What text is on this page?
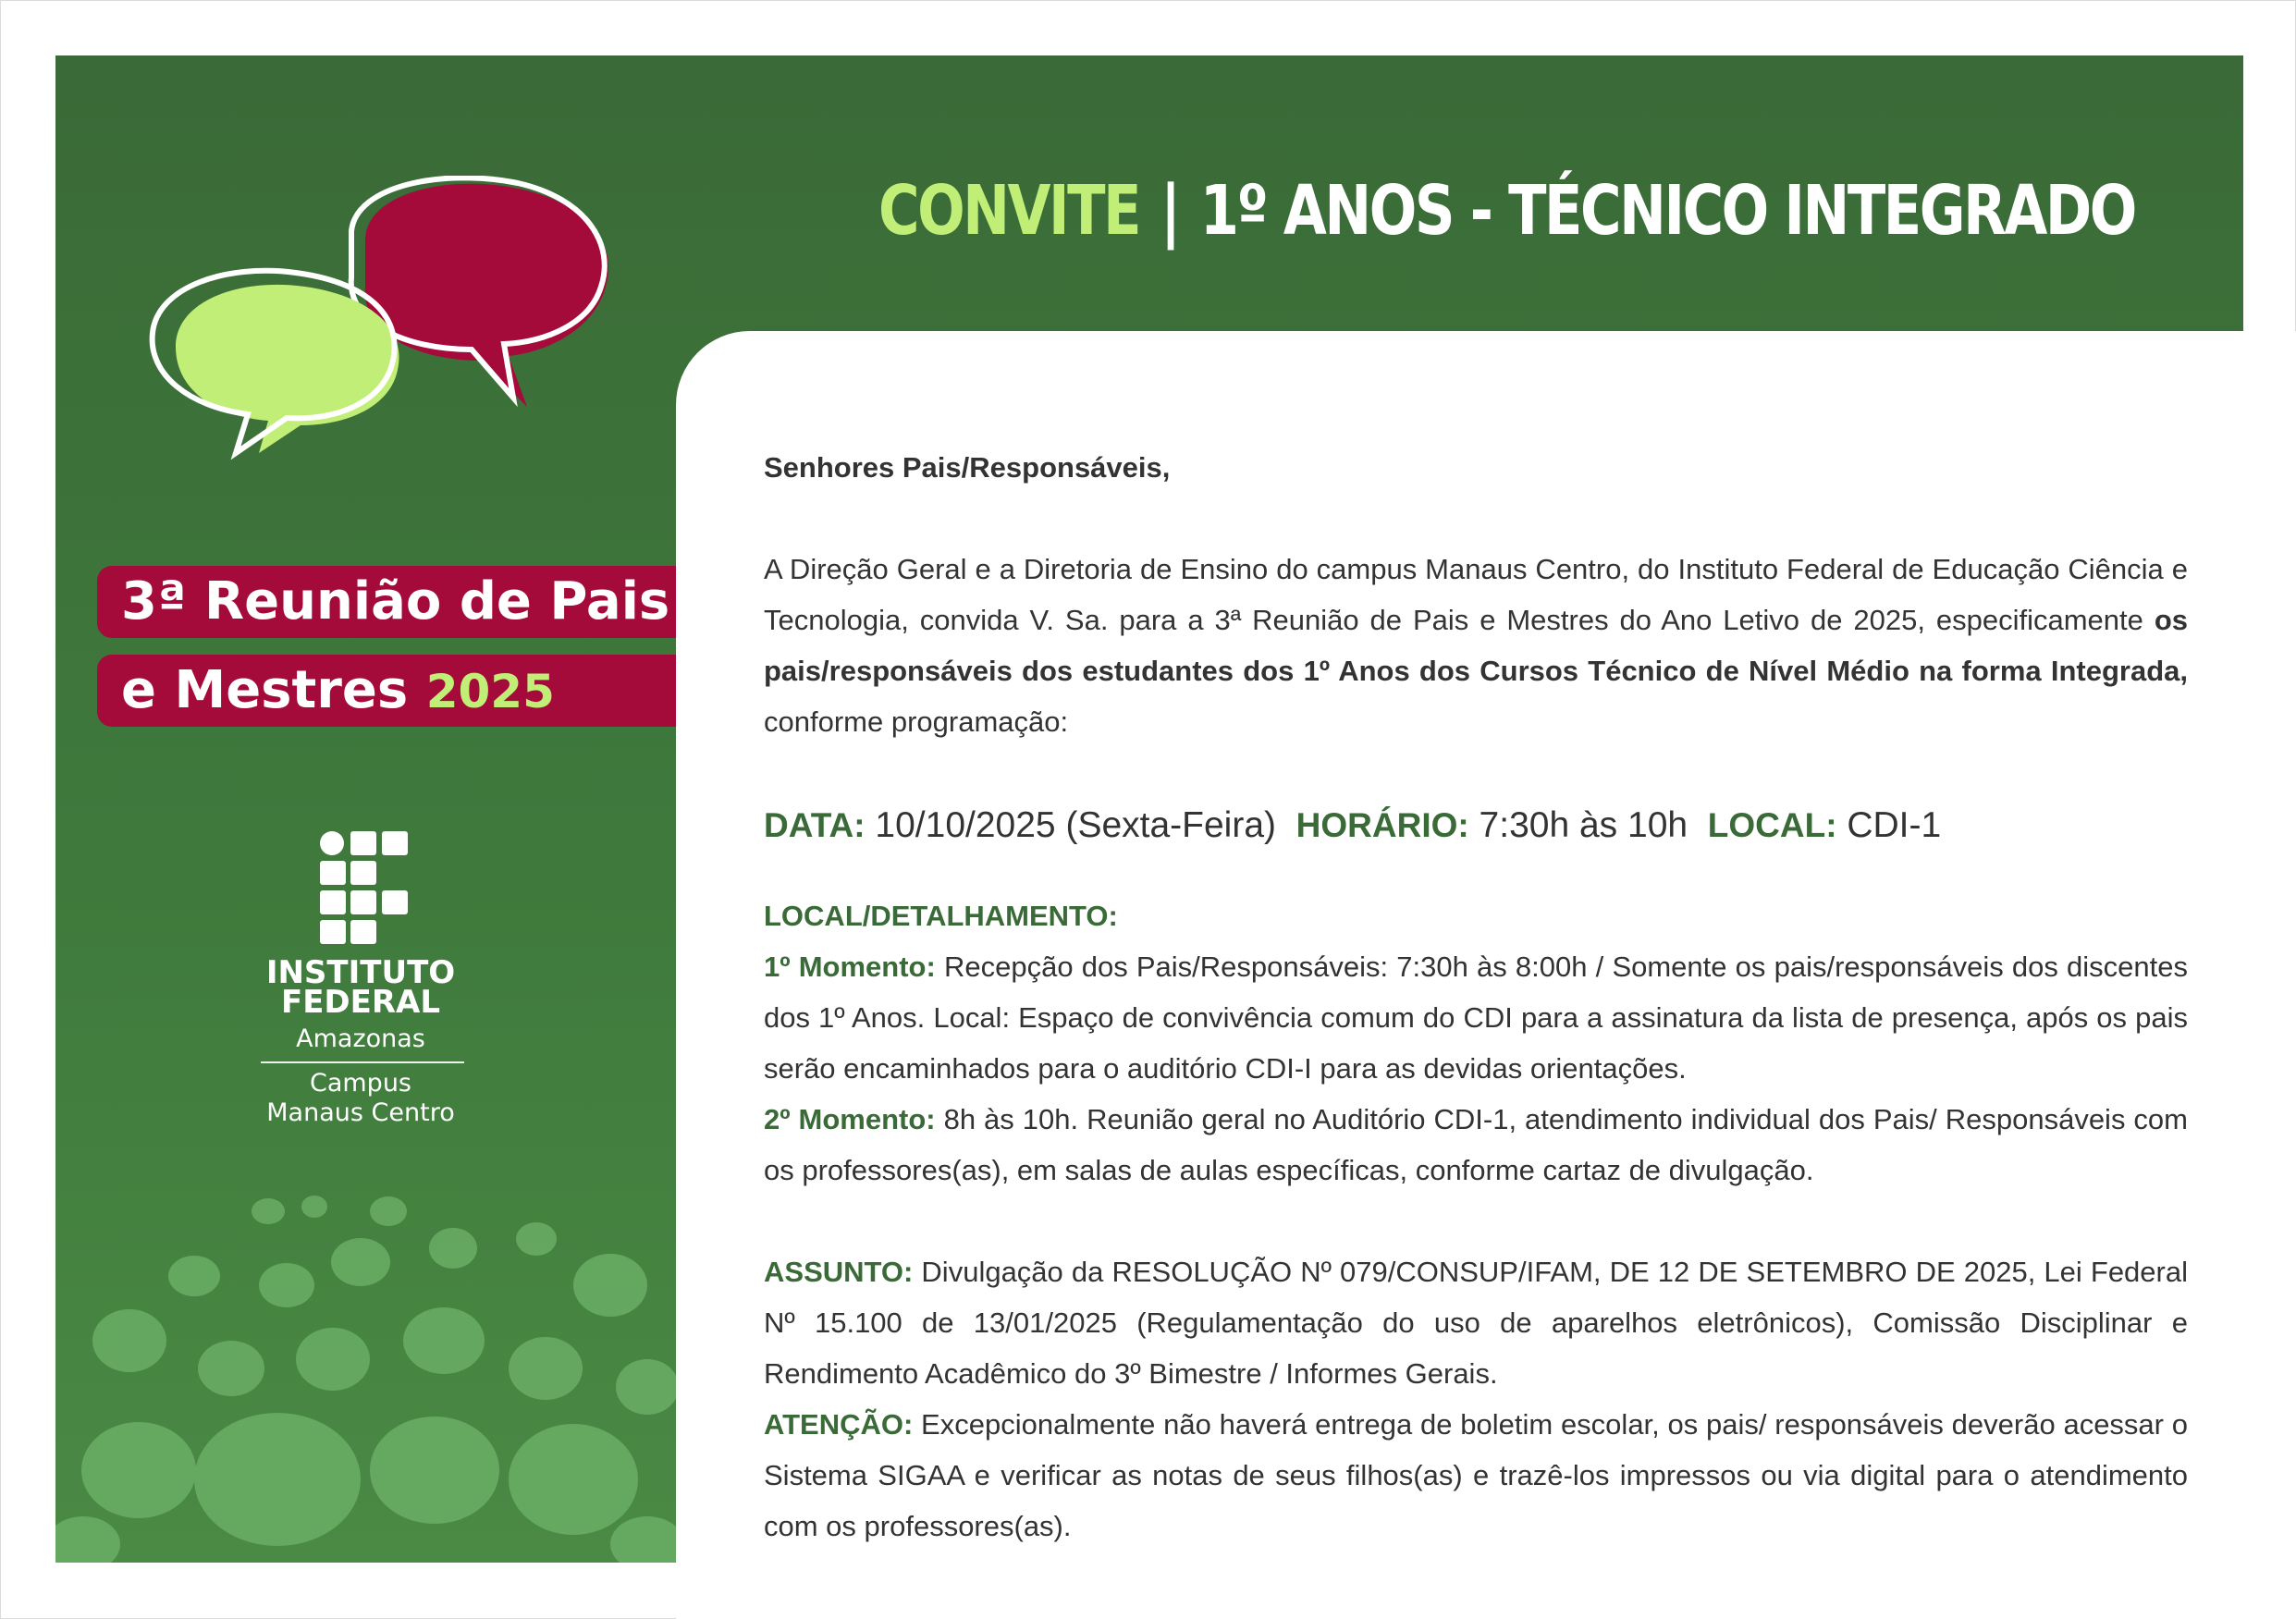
CONVITE | 1º ANOS - TÉCNICO INTEGRADO
3ª Reunião de Pais
e Mestres 2025
INSTITUTO
FEDERAL
Amazonas
Campus
Manaus Centro

Senhores Pais/Responsáveis,

A Direção Geral e a Diretoria de Ensino do campus Manaus Centro, do Instituto Federal de Educação Ciência e Tecnologia, convida V. Sa. para a 3ª Reunião de Pais e Mestres do Ano Letivo de 2025, especificamente os pais/responsáveis dos estudantes dos 1º Anos dos Cursos Técnico de Nível Médio na forma Integrada, conforme programação:

DATA: 10/10/2025 (Sexta-Feira) HORÁRIO: 7:30h às 10h LOCAL: CDI-1

LOCAL/DETALHAMENTO:

1º Momento: Recepção dos Pais/Responsáveis: 7:30h às 8:00h / Somente os pais/responsáveis dos discentes dos 1º Anos. Local: Espaço de convivência comum do CDI para a assinatura da lista de presença, após os pais serão encaminhados para o auditório CDI-I para as devidas orientações.

2º Momento: 8h às 10h. Reunião geral no Auditório CDI-1, atendimento individual dos Pais/ Responsáveis com os professores(as), em salas de aulas específicas, conforme cartaz de divulgação.

ASSUNTO: Divulgação da RESOLUÇÃO Nº 079/CONSUP/IFAM, DE 12 DE SETEMBRO DE 2025, Lei Federal Nº 15.100 de 13/01/2025 (Regulamentação do uso de aparelhos eletrônicos), Comissão Disciplinar e Rendimento Acadêmico do 3º Bimestre / Informes Gerais.

ATENÇÃO: Excepcionalmente não haverá entrega de boletim escolar, os pais/ responsáveis deverão acessar o Sistema SIGAA e verificar as notas de seus filhos(as) e trazê-los impressos ou via digital para o atendimento com os professores(as).
